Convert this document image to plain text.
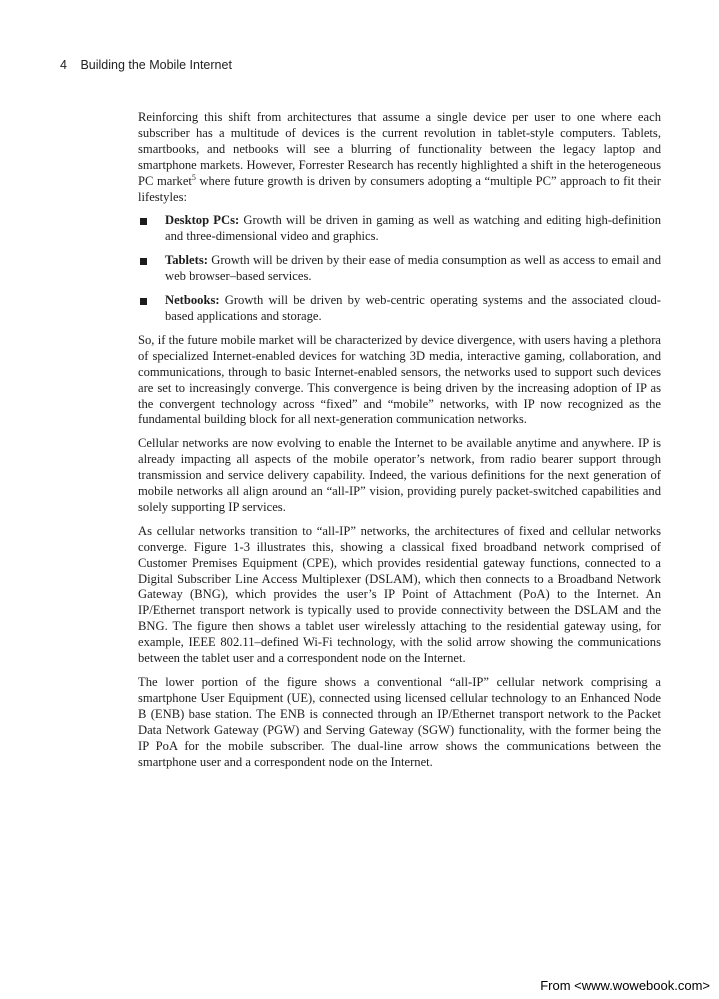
4 Building the Mobile Internet

Reinforcing this shift from architectures that assume a single device per user to one where each subscriber has a multitude of devices is the current revolution in tablet-style computers. Tablets, smartbooks, and netbooks will see a blurring of functionality between the legacy laptop and smartphone markets. However, Forrester Research has recently highlighted a shift in the heterogeneous PC market$^5$ where future growth is driven by consumers adopting a “multiple PC” approach to fit their lifestyles:

Desktop PCs: Growth will be driven in gaming as well as watching and editing high-definition and three-dimensional video and graphics.
Tablets: Growth will be driven by their ease of media consumption as well as access to email and web browser–based services.
Netbooks: Growth will be driven by web-centric operating systems and the associated cloud-based applications and storage.

So, if the future mobile market will be characterized by device divergence, with users having a plethora of specialized Internet-enabled devices for watching 3D media, interactive gaming, collaboration, and communications, through to basic Internet-enabled sensors, the networks used to support such devices are set to increasingly converge. This convergence is being driven by the increasing adoption of IP as the convergent technology across “fixed” and “mobile” networks, with IP now recognized as the fundamental building block for all next-generation communication networks.

Cellular networks are now evolving to enable the Internet to be available anytime and anywhere. IP is already impacting all aspects of the mobile operator’s network, from radio bearer support through transmission and service delivery capability. Indeed, the various definitions for the next generation of mobile networks all align around an “all-IP” vision, providing purely packet-switched capabilities and solely supporting IP services.

As cellular networks transition to “all-IP” networks, the architectures of fixed and cellular networks converge. Figure 1-3 illustrates this, showing a classical fixed broadband network comprised of Customer Premises Equipment (CPE), which provides residential gateway functions, connected to a Digital Subscriber Line Access Multiplexer (DSLAM), which then connects to a Broadband Network Gateway (BNG), which provides the user’s IP Point of Attachment (PoA) to the Internet. An IP/Ethernet transport network is typically used to provide connectivity between the DSLAM and the BNG. The figure then shows a tablet user wirelessly attaching to the residential gateway using, for example, IEEE 802.11–defined Wi-Fi technology, with the solid arrow showing the communications between the tablet user and a correspondent node on the Internet.

The lower portion of the figure shows a conventional “all-IP” cellular network comprising a smartphone User Equipment (UE), connected using licensed cellular technology to an Enhanced Node B (ENB) base station. The ENB is connected through an IP/Ethernet transport network to the Packet Data Network Gateway (PGW) and Serving Gateway (SGW) functionality, with the former being the IP PoA for the mobile subscriber. The dual-line arrow shows the communications between the smartphone user and a correspondent node on the Internet.

From <www.wowebook.com>
